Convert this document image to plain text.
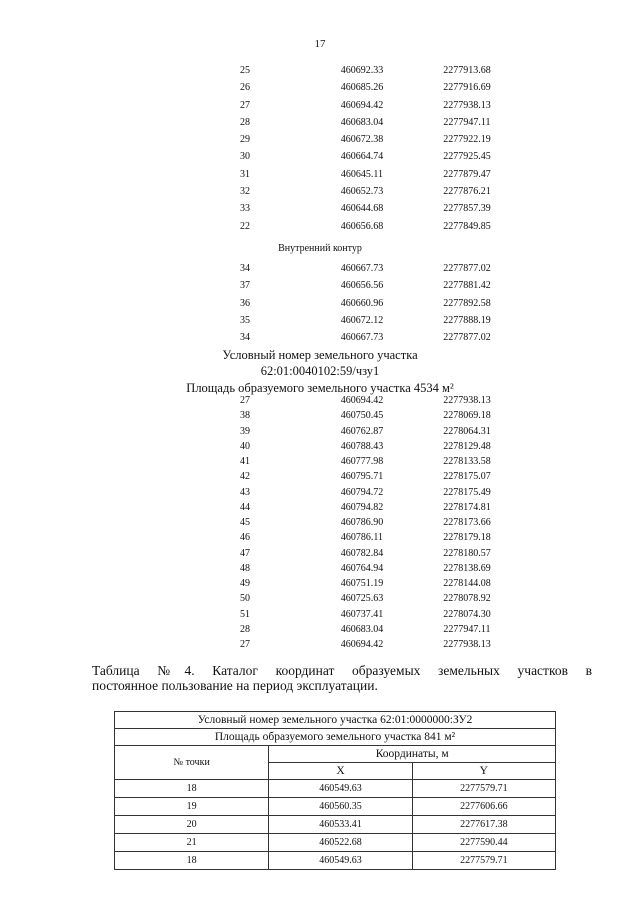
17
25	460692.33	2277913.68
26	460685.26	2277916.69
27	460694.42	2277938.13
28	460683.04	2277947.11
29	460672.38	2277922.19
30	460664.74	2277925.45
31	460645.11	2277879.47
32	460652.73	2277876.21
33	460644.68	2277857.39
22	460656.68	2277849.85
Внутренний контур
34	460667.73	2277877.02
37	460656.56	2277881.42
36	460660.96	2277892.58
35	460672.12	2277888.19
34	460667.73	2277877.02
Условный номер земельного участка
62:01:0040102:59/чзу1
Площадь образуемого земельного участка 4534 м²
27	460694.42	2277938.13
38	460750.45	2278069.18
39	460762.87	2278064.31
40	460788.43	2278129.48
41	460777.98	2278133.58
42	460795.71	2278175.07
43	460794.72	2278175.49
44	460794.82	2278174.81
45	460786.90	2278173.66
46	460786.11	2278179.18
47	460782.84	2278180.57
48	460764.94	2278138.69
49	460751.19	2278144.08
50	460725.63	2278078.92
51	460737.41	2278074.30
28	460683.04	2277947.11
27	460694.42	2277938.13

Таблица №4. Каталог координат образуемых земельных участков в

постоянное пользование на период эксплуатации.

Условный номер земельного участка 62:01:0000000:ЗУ2		
Площадь образуемого земельного участка 841 м²		
№ точки	Координаты, м	
	X	Y
18	460549.63	2277579.71
19	460560.35	2277606.66
20	460533.41	2277617.38
21	460522.68	2277590.44
18	460549.63	2277579.71
